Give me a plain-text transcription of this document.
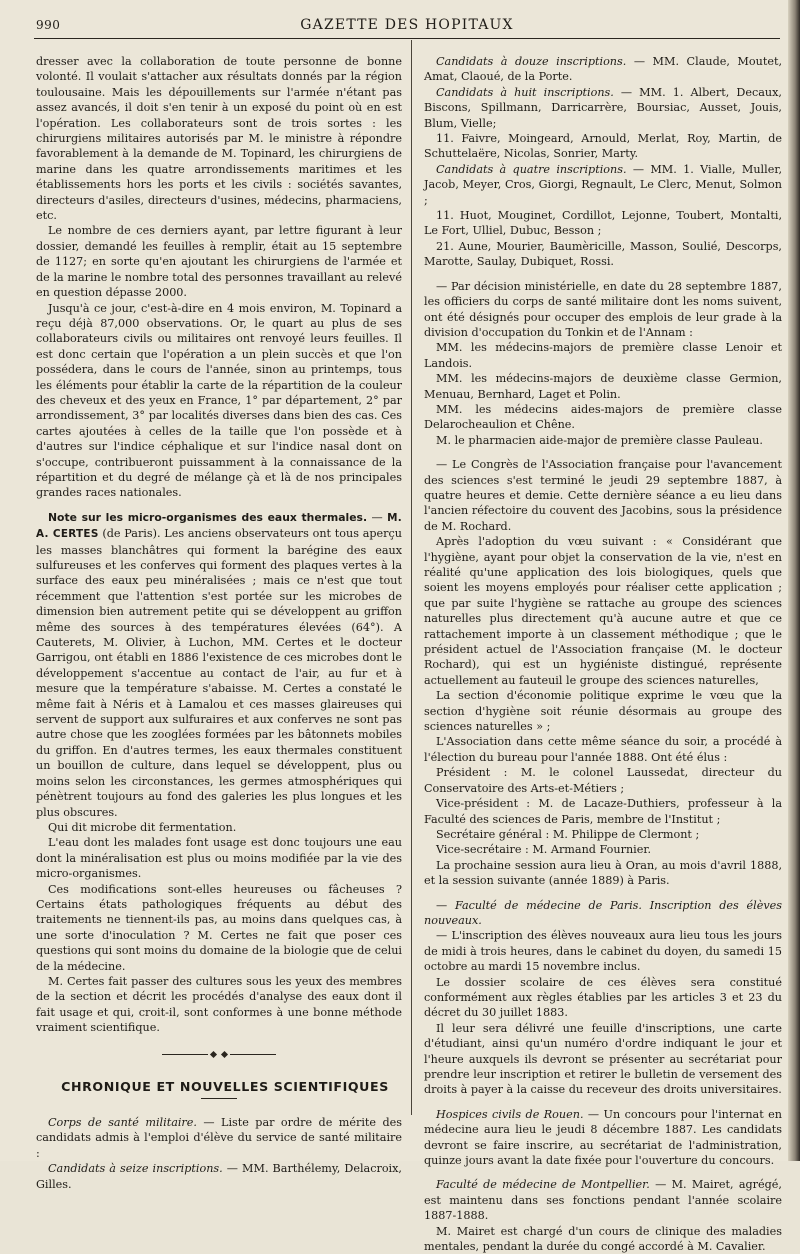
990	GAZETTE DES HOPITAUX

dresser avec la collaboration de toute personne de bonne volonté. Il voulait s'attacher aux résultats donnés par la région toulousaine. Mais les dépouillements sur l'armée n'étant pas assez avancés, il doit s'en tenir à un exposé du point où en est l'opération. Les collaborateurs sont de trois sortes : les chirurgiens militaires autorisés par M. le ministre à répondre favorablement à la demande de M. Topinard, les chirurgiens de marine dans les quatre arrondissements maritimes et les établissements hors les ports et les civils : sociétés savantes, directeurs d'asiles, directeurs d'usines, médecins, pharmaciens, etc.

Le nombre de ces derniers ayant, par lettre figurant à leur dossier, demandé les feuilles à remplir, était au 15 septembre de 1127; en sorte qu'en ajoutant les chirurgiens de l'armée et de la marine le nombre total des personnes travaillant au relevé en question dépasse 2000.

Jusqu'à ce jour, c'est-à-dire en 4 mois environ, M. Topinard a reçu déjà 87,000 observations. Or, le quart au plus de ses collaborateurs civils ou militaires ont renvoyé leurs feuilles. Il est donc certain que l'opération a un plein succès et que l'on possédera, dans le cours de l'année, sinon au printemps, tous les éléments pour établir la carte de la répartition de la couleur des cheveux et des yeux en France, 1° par département, 2° par arrondissement, 3° par localités diverses dans bien des cas. Ces cartes ajoutées à celles de la taille que l'on possède et à d'autres sur l'indice céphalique et sur l'indice nasal dont on s'occupe, contribueront puissamment à la connaissance de la répartition et du degré de mélange çà et là de nos principales grandes races nationales.

Note sur les micro-organismes des eaux thermales. — M. A. CERTES (de Paris). Les anciens observateurs ont tous aperçu les masses blanchâtres qui forment la barégine des eaux sulfureuses et les conferves qui forment des plaques vertes à la surface des eaux peu minéralisées ; mais ce n'est que tout récemment que l'attention s'est portée sur les microbes de dimension bien autrement petite qui se développent au griffon même des sources à des températures élevées (64°). A Cauterets, M. Olivier, à Luchon, MM. Certes et le docteur Garrigou, ont établi en 1886 l'existence de ces microbes dont le développement s'accentue au contact de l'air, au fur et à mesure que la température s'abaisse. M. Certes a constaté le même fait à Néris et à Lamalou et ces masses glaireuses qui servent de support aux sulfuraires et aux conferves ne sont pas autre chose que les zooglées formées par les bâtonnets mobiles du griffon. En d'autres termes, les eaux thermales constituent un bouillon de culture, dans lequel se développent, plus ou moins selon les circonstances, les germes atmosphériques qui pénètrent toujours au fond des galeries les plus longues et les plus obscures.

Qui dit microbe dit fermentation.

L'eau dont les malades font usage est donc toujours une eau dont la minéralisation est plus ou moins modifiée par la vie des micro-organismes.

Ces modifications sont-elles heureuses ou fâcheuses ? Certains états pathologiques fréquents au début des traitements ne tiennent-ils pas, au moins dans quelques cas, à une sorte d'inoculation ? M. Certes ne fait que poser ces questions qui sont moins du domaine de la biologie que de celui de la médecine.

M. Certes fait passer des cultures sous les yeux des membres de la section et décrit les procédés d'analyse des eaux dont il fait usage et qui, croit-il, sont conformes à une bonne méthode vraiment scientifique.

CHRONIQUE ET NOUVELLES SCIENTIFIQUES

Corps de santé militaire. — Liste par ordre de mérite des candidats admis à l'emploi d'élève du service de santé militaire :

Candidats à seize inscriptions. — MM. Barthélemy, Delacroix, Gilles.

Candidats à douze inscriptions. — MM. Claude, Moutet, Amat, Claoué, de la Porte.

Candidats à huit inscriptions. — MM. 1. Albert, Decaux, Biscons, Spillmann, Darricarrère, Boursiac, Ausset, Jouis, Blum, Vielle;

11. Faivre, Moingeard, Arnould, Merlat, Roy, Martin, de Schuttelaëre, Nicolas, Sonrier, Marty.

Candidats à quatre inscriptions. — MM. 1. Vialle, Muller, Jacob, Meyer, Cros, Giorgi, Regnault, Le Clerc, Menut, Solmon ;

11. Huot, Mouginet, Cordillot, Lejonne, Toubert, Montalti, Le Fort, Ulliel, Dubuc, Besson ;

21. Aune, Mourier, Baumèricille, Masson, Soulié, Descorps, Marotte, Saulay, Dubiquet, Rossi.

— Par décision ministérielle, en date du 28 septembre 1887, les officiers du corps de santé militaire dont les noms suivent, ont été désignés pour occuper des emplois de leur grade à la division d'occupation du Tonkin et de l'Annam :

MM. les médecins-majors de première classe Lenoir et Landois.

MM. les médecins-majors de deuxième classe Germion, Menuau, Bernhard, Laget et Polin.

MM. les médecins aides-majors de première classe Delarocheaulion et Chêne.

M. le pharmacien aide-major de première classe Pauleau.

— Le Congrès de l'Association française pour l'avancement des sciences s'est terminé le jeudi 29 septembre 1887, à quatre heures et demie. Cette dernière séance a eu lieu dans l'ancien réfectoire du couvent des Jacobins, sous la présidence de M. Rochard.

Après l'adoption du vœu suivant : « Considérant que l'hygiène, ayant pour objet la conservation de la vie, n'est en réalité qu'une application des lois biologiques, quels que soient les moyens employés pour réaliser cette application ; que par suite l'hygiène se rattache au groupe des sciences naturelles plus directement qu'à aucune autre et que ce rattachement importe à un classement méthodique ; que le président actuel de l'Association française (M. le docteur Rochard), qui est un hygiéniste distingué, représente actuellement au fauteuil le groupe des sciences naturelles,

La section d'économie politique exprime le vœu que la section d'hygiène soit réunie désormais au groupe des sciences naturelles » ;

L'Association dans cette même séance du soir, a procédé à l'élection du bureau pour l'année 1888. Ont été élus :

Président : M. le colonel Laussedat, directeur du Conservatoire des Arts-et-Métiers ;

Vice-président : M. de Lacaze-Duthiers, professeur à la Faculté des sciences de Paris, membre de l'Institut ;

Secrétaire général : M. Philippe de Clermont ;

Vice-secrétaire : M. Armand Fournier.

La prochaine session aura lieu à Oran, au mois d'avril 1888, et la session suivante (année 1889) à Paris.

— Faculté de médecine de Paris. Inscription des élèves nouveaux.

— L'inscription des élèves nouveaux aura lieu tous les jours de midi à trois heures, dans le cabinet du doyen, du samedi 15 octobre au mardi 15 novembre inclus.

Le dossier scolaire de ces élèves sera constitué conformément aux règles établies par les articles 3 et 23 du décret du 30 juillet 1883.

Il leur sera délivré une feuille d'inscriptions, une carte d'étudiant, ainsi qu'un numéro d'ordre indiquant le jour et l'heure auxquels ils devront se présenter au secrétariat pour prendre leur inscription et retirer le bulletin de versement des droits à payer à la caisse du receveur des droits universitaires.

Hospices civils de Rouen. — Un concours pour l'internat en médecine aura lieu le jeudi 8 décembre 1887. Les candidats devront se faire inscrire, au secrétariat de l'administration, quinze jours avant la date fixée pour l'ouverture du concours.

Faculté de médecine de Montpellier. — M. Mairet, agrégé, est maintenu dans ses fonctions pendant l'année scolaire 1887-1888.

M. Mairet est chargé d'un cours de clinique des maladies mentales, pendant la durée du congé accordé à M. Cavalier.
